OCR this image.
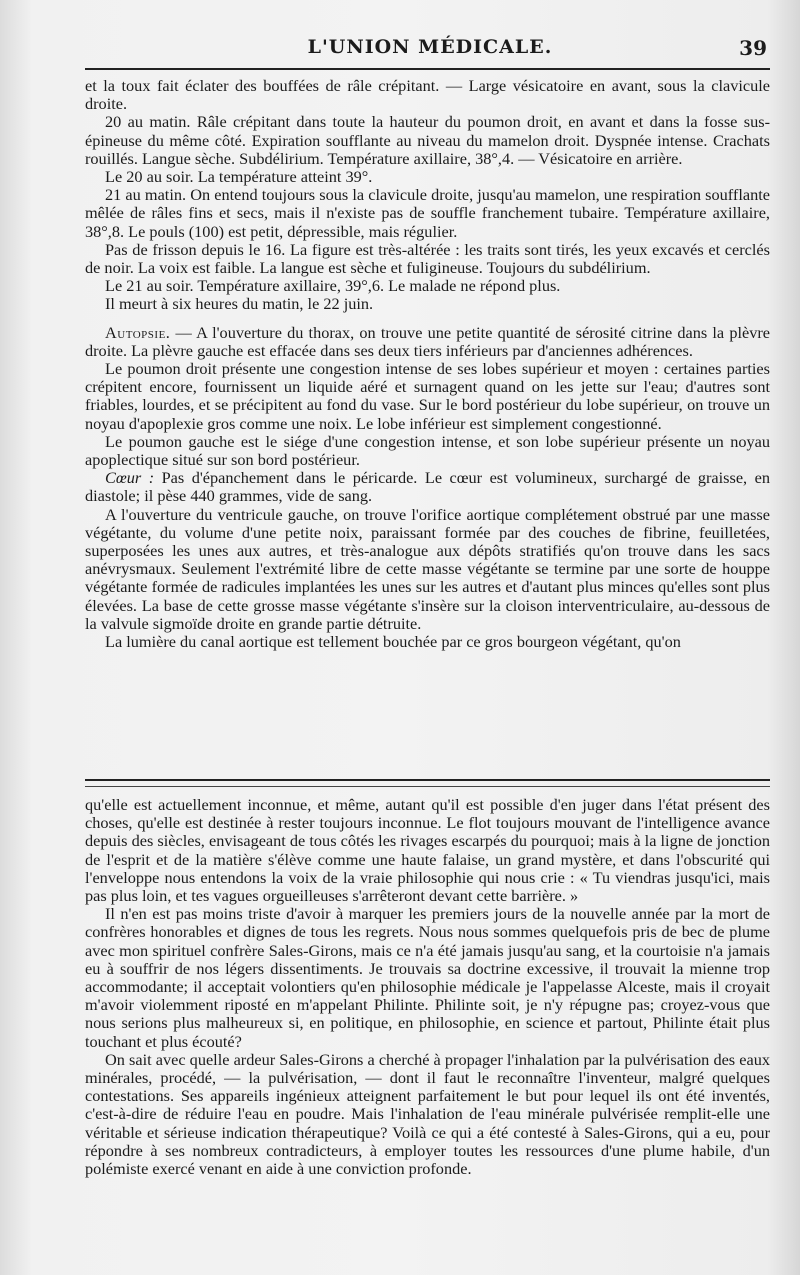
L'UNION MÉDICALE.	39

et la toux fait éclater des bouffées de râle crépitant. — Large vésicatoire en avant, sous la clavicule droite.

20 au matin. Râle crépitant dans toute la hauteur du poumon droit, en avant et dans la fosse sus-épineuse du même côté. Expiration soufflante au niveau du mamelon droit. Dyspnée intense. Crachats rouillés. Langue sèche. Subdélirium. Température axillaire, 38°,4. — Vésicatoire en arrière.

Le 20 au soir. La température atteint 39°.

21 au matin. On entend toujours sous la clavicule droite, jusqu'au mamelon, une respiration soufflante mêlée de râles fins et secs, mais il n'existe pas de souffle franchement tubaire. Température axillaire, 38°,8. Le pouls (100) est petit, dépressible, mais régulier.

Pas de frisson depuis le 16. La figure est très-altérée : les traits sont tirés, les yeux excavés et cerclés de noir. La voix est faible. La langue est sèche et fuligineuse. Toujours du subdélirium.

Le 21 au soir. Température axillaire, 39°,6. Le malade ne répond plus.

Il meurt à six heures du matin, le 22 juin.

Autopsie. — A l'ouverture du thorax, on trouve une petite quantité de sérosité citrine dans la plèvre droite. La plèvre gauche est effacée dans ses deux tiers inférieurs par d'anciennes adhérences.

Le poumon droit présente une congestion intense de ses lobes supérieur et moyen : certaines parties crépitent encore, fournissent un liquide aéré et surnagent quand on les jette sur l'eau; d'autres sont friables, lourdes, et se précipitent au fond du vase. Sur le bord postérieur du lobe supérieur, on trouve un noyau d'apoplexie gros comme une noix. Le lobe inférieur est simplement congestionné.

Le poumon gauche est le siége d'une congestion intense, et son lobe supérieur présente un noyau apoplectique situé sur son bord postérieur.

Cœur : Pas d'épanchement dans le péricarde. Le cœur est volumineux, surchargé de graisse, en diastole; il pèse 440 grammes, vide de sang.

A l'ouverture du ventricule gauche, on trouve l'orifice aortique complétement obstrué par une masse végétante, du volume d'une petite noix, paraissant formée par des couches de fibrine, feuilletées, superposées les unes aux autres, et très-analogue aux dépôts stratifiés qu'on trouve dans les sacs anévrysmaux. Seulement l'extrémité libre de cette masse végétante se termine par une sorte de houppe végétante formée de radicules implantées les unes sur les autres et d'autant plus minces qu'elles sont plus élevées. La base de cette grosse masse végétante s'insère sur la cloison interventriculaire, au-dessous de la valvule sigmoïde droite en grande partie détruite.

La lumière du canal aortique est tellement bouchée par ce gros bourgeon végétant, qu'on

qu'elle est actuellement inconnue, et même, autant qu'il est possible d'en juger dans l'état présent des choses, qu'elle est destinée à rester toujours inconnue. Le flot toujours mouvant de l'intelligence avance depuis des siècles, envisageant de tous côtés les rivages escarpés du pourquoi; mais à la ligne de jonction de l'esprit et de la matière s'élève comme une haute falaise, un grand mystère, et dans l'obscurité qui l'enveloppe nous entendons la voix de la vraie philosophie qui nous crie : « Tu viendras jusqu'ici, mais pas plus loin, et tes vagues orgueilleuses s'arrêteront devant cette barrière. »

Il n'en est pas moins triste d'avoir à marquer les premiers jours de la nouvelle année par la mort de confrères honorables et dignes de tous les regrets. Nous nous sommes quelquefois pris de bec de plume avec mon spirituel confrère Sales-Girons, mais ce n'a été jamais jusqu'au sang, et la courtoisie n'a jamais eu à souffrir de nos légers dissentiments. Je trouvais sa doctrine excessive, il trouvait la mienne trop accommodante; il acceptait volontiers qu'en philosophie médicale je l'appelasse Alceste, mais il croyait m'avoir violemment riposté en m'appelant Philinte. Philinte soit, je n'y répugne pas; croyez-vous que nous serions plus malheureux si, en politique, en philosophie, en science et partout, Philinte était plus touchant et plus écouté?

On sait avec quelle ardeur Sales-Girons a cherché à propager l'inhalation par la pulvérisation des eaux minérales, procédé, — la pulvérisation, — dont il faut le reconnaître l'inventeur, malgré quelques contestations. Ses appareils ingénieux atteignent parfaitement le but pour lequel ils ont été inventés, c'est-à-dire de réduire l'eau en poudre. Mais l'inhalation de l'eau minérale pulvérisée remplit-elle une véritable et sérieuse indication thérapeutique? Voilà ce qui a été contesté à Sales-Girons, qui a eu, pour répondre à ses nombreux contradicteurs, à employer toutes les ressources d'une plume habile, d'un polémiste exercé venant en aide à une conviction profonde.
